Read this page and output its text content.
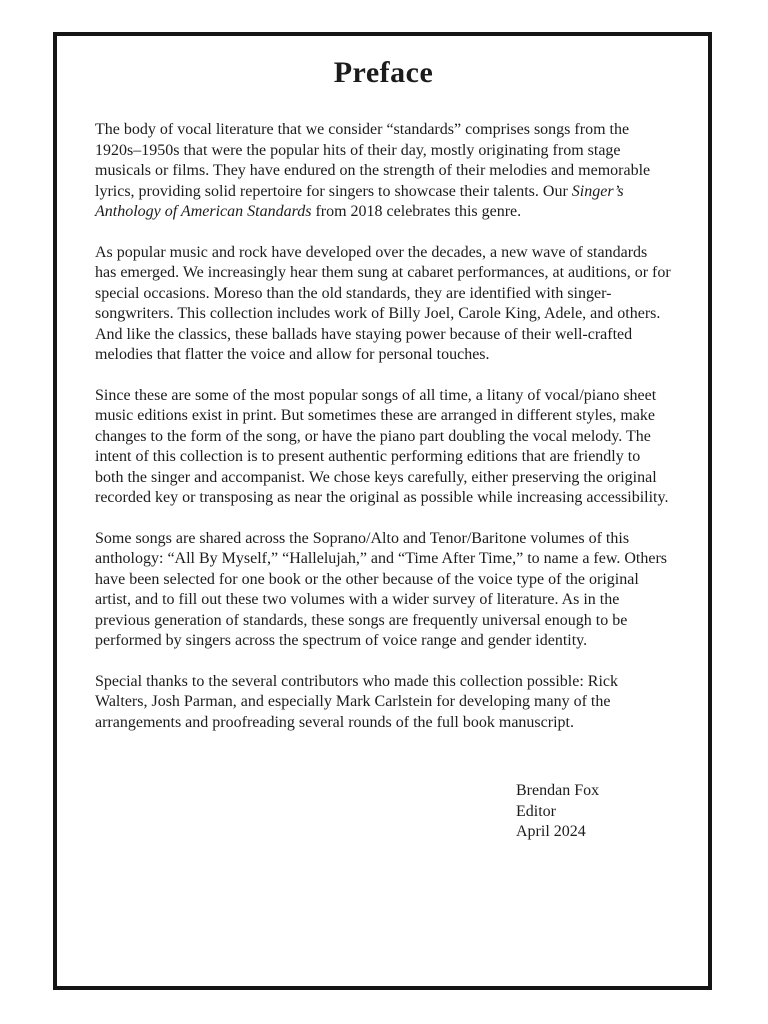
Preface

The body of vocal literature that we consider “standards” comprises songs from the 1920s–1950s that were the popular hits of their day, mostly originating from stage musicals or films. They have endured on the strength of their melodies and memorable lyrics, providing solid repertoire for singers to showcase their talents. Our Singer’s Anthology of American Standards from 2018 celebrates this genre.

As popular music and rock have developed over the decades, a new wave of standards has emerged. We increasingly hear them sung at cabaret performances, at auditions, or for special occasions. Moreso than the old standards, they are identified with singer-songwriters. This collection includes work of Billy Joel, Carole King, Adele, and others. And like the classics, these ballads have staying power because of their well-crafted melodies that flatter the voice and allow for personal touches.

Since these are some of the most popular songs of all time, a litany of vocal/piano sheet music editions exist in print. But sometimes these are arranged in different styles, make changes to the form of the song, or have the piano part doubling the vocal melody. The intent of this collection is to present authentic performing editions that are friendly to both the singer and accompanist. We chose keys carefully, either preserving the original recorded key or transposing as near the original as possible while increasing accessibility.

Some songs are shared across the Soprano/Alto and Tenor/Baritone volumes of this anthology: “All By Myself,” “Hallelujah,” and “Time After Time,” to name a few. Others have been selected for one book or the other because of the voice type of the original artist, and to fill out these two volumes with a wider survey of literature. As in the previous generation of standards, these songs are frequently universal enough to be performed by singers across the spectrum of voice range and gender identity.

Special thanks to the several contributors who made this collection possible: Rick Walters, Josh Parman, and especially Mark Carlstein for developing many of the arrangements and proofreading several rounds of the full book manuscript.

Brendan Fox
Editor
April 2024
